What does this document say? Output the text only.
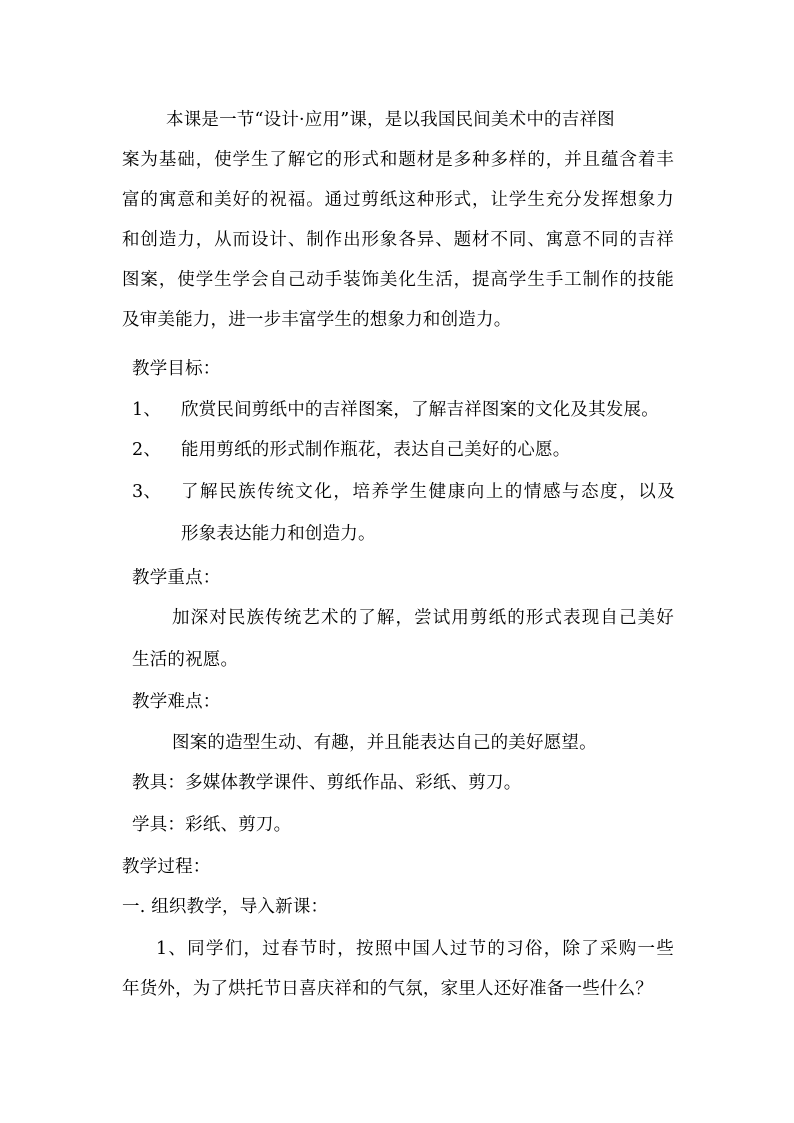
本课是一节“设计·应用”课，是以我国民间美术中的吉祥图
案为基础，使学生了解它的形式和题材是多种多样的，并且蕴含着丰
富的寓意和美好的祝福。通过剪纸这种形式，让学生充分发挥想象力
和创造力，从而设计、制作出形象各异、题材不同、寓意不同的吉祥
图案，使学生学会自己动手装饰美化生活，提高学生手工制作的技能
及审美能力，进一步丰富学生的想象力和创造力。
教学目标：
1、 欣赏民间剪纸中的吉祥图案，了解吉祥图案的文化及其发展。
2、 能用剪纸的形式制作瓶花，表达自己美好的心愿。
3、 了解民族传统文化，培养学生健康向上的情感与态度，以及
形象表达能力和创造力。
教学重点：
加深对民族传统艺术的了解，尝试用剪纸的形式表现自己美好
生活的祝愿。
教学难点：
图案的造型生动、有趣，并且能表达自己的美好愿望。
教具：多媒体教学课件、剪纸作品、彩纸、剪刀。
学具：彩纸、剪刀。
教学过程：
一. 组织教学，导入新课：
1、同学们，过春节时，按照中国人过节的习俗，除了采购一些
年货外，为了烘托节日喜庆祥和的气氛，家里人还好准备一些什么？
